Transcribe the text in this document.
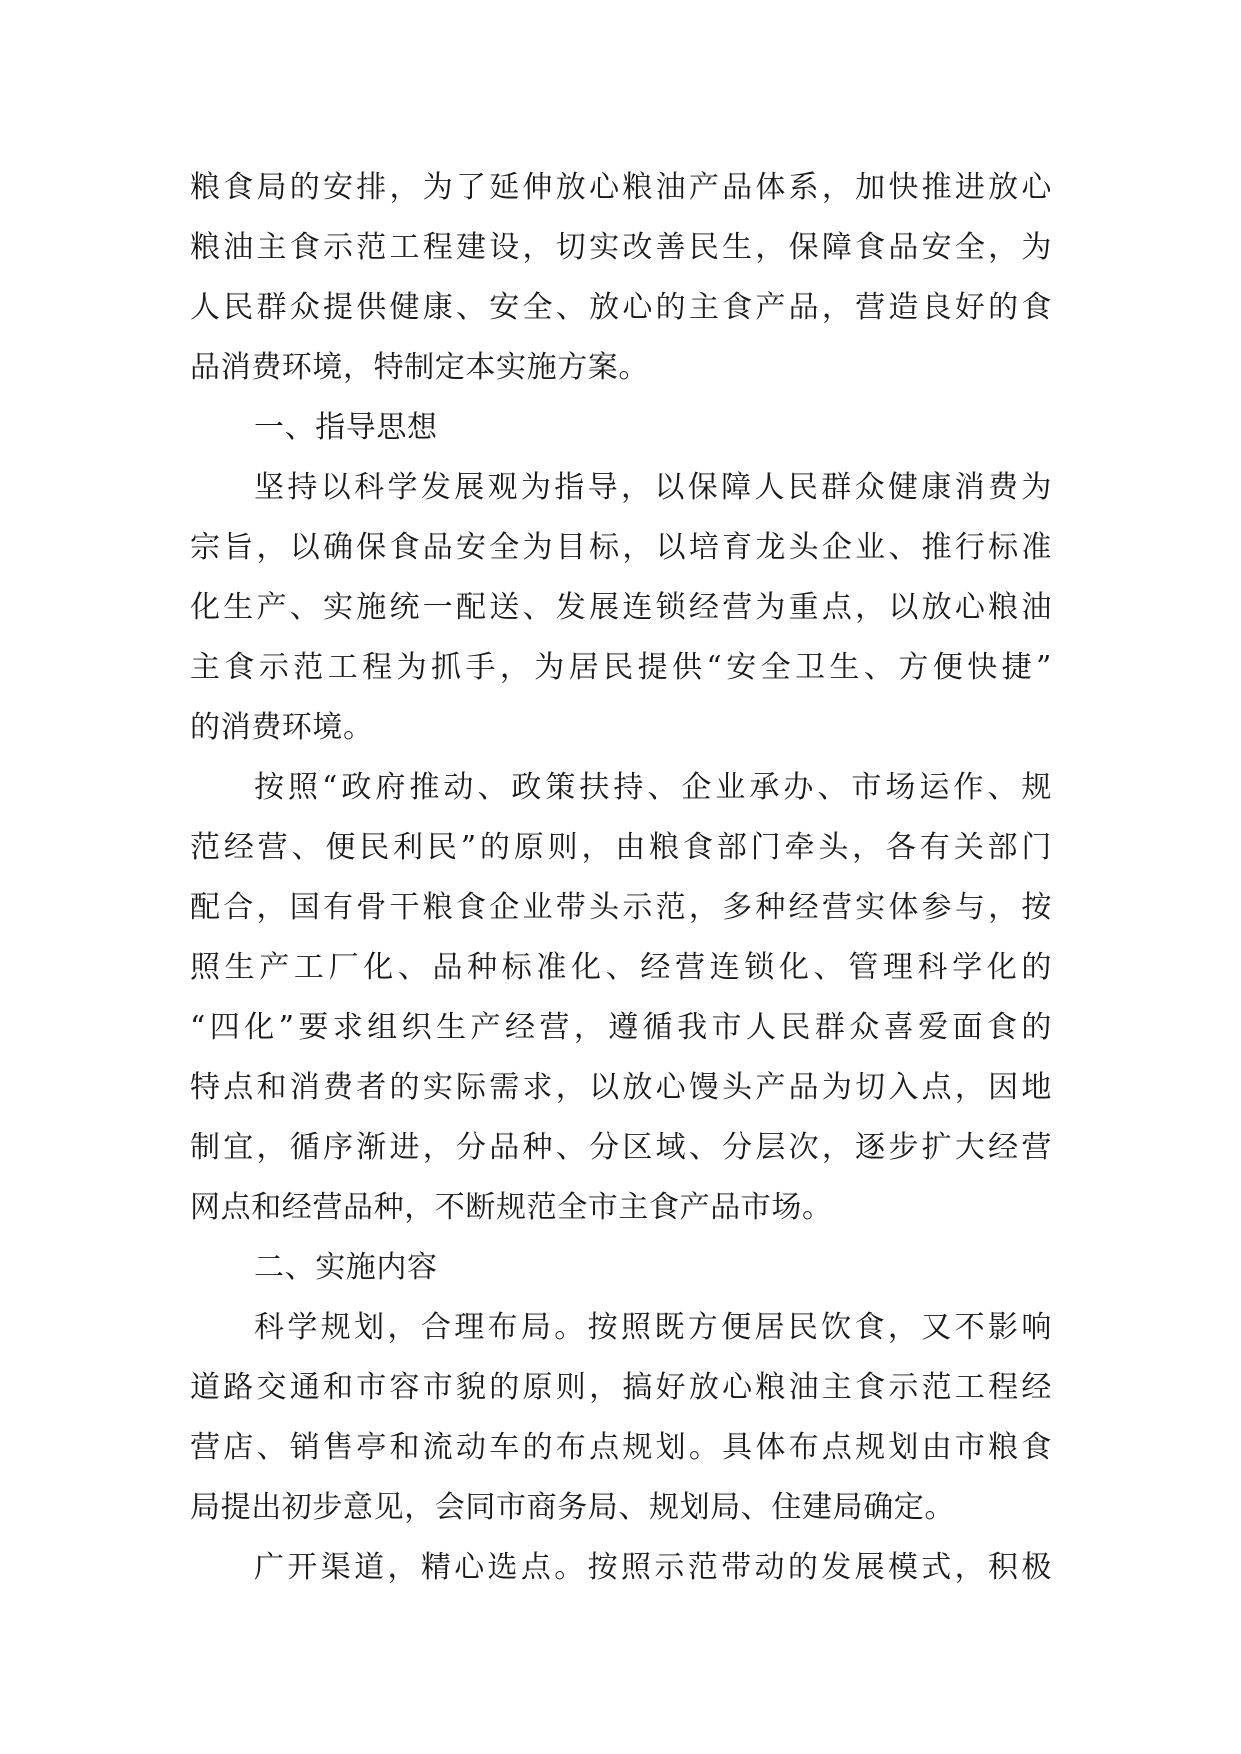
粮食局的安排，为了延伸放心粮油产品体系，加快推进放心
粮油主食示范工程建设，切实改善民生，保障食品安全，为
人民群众提供健康、安全、放心的主食产品，营造良好的食
品消费环境，特制定本实施方案。
一、指导思想
坚持以科学发展观为指导，以保障人民群众健康消费为
宗旨，以确保食品安全为目标，以培育龙头企业、推行标准
化生产、实施统一配送、发展连锁经营为重点，以放心粮油
主食示范工程为抓手，为居民提供“安全卫生、方便快捷”
的消费环境。
按照“政府推动、政策扶持、企业承办、市场运作、规
范经营、便民利民”的原则，由粮食部门牵头，各有关部门
配合，国有骨干粮食企业带头示范，多种经营实体参与，按
照生产工厂化、品种标准化、经营连锁化、管理科学化的
“四化”要求组织生产经营，遵循我市人民群众喜爱面食的
特点和消费者的实际需求，以放心馒头产品为切入点，因地
制宜，循序渐进，分品种、分区域、分层次，逐步扩大经营
网点和经营品种，不断规范全市主食产品市场。
二、实施内容
科学规划，合理布局。按照既方便居民饮食，又不影响
道路交通和市容市貌的原则，搞好放心粮油主食示范工程经
营店、销售亭和流动车的布点规划。具体布点规划由市粮食
局提出初步意见，会同市商务局、规划局、住建局确定。
广开渠道，精心选点。按照示范带动的发展模式，积极
